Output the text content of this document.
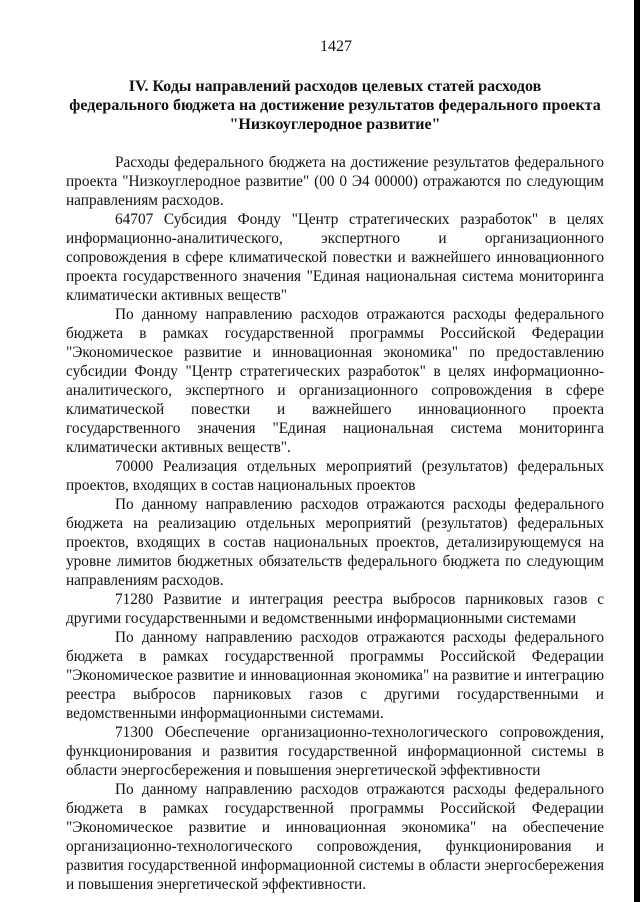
1427
IV. Коды направлений расходов целевых статей расходов
федерального бюджета на достижение результатов федерального проекта
"Низкоуглеродное развитие"

Расходы федерального бюджета на достижение результатов федерального проекта "Низкоуглеродное развитие" (00 0 Э4 00000) отражаются по следующим направлениям расходов.

64707 Субсидия Фонду "Центр стратегических разработок" в целях информационно-аналитического, экспертного и организационного сопровождения в сфере климатической повестки и важнейшего инновационного проекта государственного значения "Единая национальная система мониторинга климатически активных веществ"

По данному направлению расходов отражаются расходы федерального бюджета в рамках государственной программы Российской Федерации "Экономическое развитие и инновационная экономика" по предоставлению субсидии Фонду "Центр стратегических разработок" в целях информационно-аналитического, экспертного и организационного сопровождения в сфере климатической повестки и важнейшего инновационного проекта государственного значения "Единая национальная система мониторинга климатически активных веществ".

70000 Реализация отдельных мероприятий (результатов) федеральных проектов, входящих в состав национальных проектов

По данному направлению расходов отражаются расходы федерального бюджета на реализацию отдельных мероприятий (результатов) федеральных проектов, входящих в состав национальных проектов, детализирующемуся на уровне лимитов бюджетных обязательств федерального бюджета по следующим направлениям расходов.

71280 Развитие и интеграция реестра выбросов парниковых газов с другими государственными и ведомственными информационными системами

По данному направлению расходов отражаются расходы федерального бюджета в рамках государственной программы Российской Федерации "Экономическое развитие и инновационная экономика" на развитие и интеграцию реестра выбросов парниковых газов с другими государственными и ведомственными информационными системами.

71300 Обеспечение организационно-технологического сопровождения, функционирования и развития государственной информационной системы в области энергосбережения и повышения энергетической эффективности

По данному направлению расходов отражаются расходы федерального бюджета в рамках государственной программы Российской Федерации "Экономическое развитие и инновационная экономика" на обеспечение организационно-технологического сопровождения, функционирования и развития государственной информационной системы в области энергосбережения и повышения энергетической эффективности.
